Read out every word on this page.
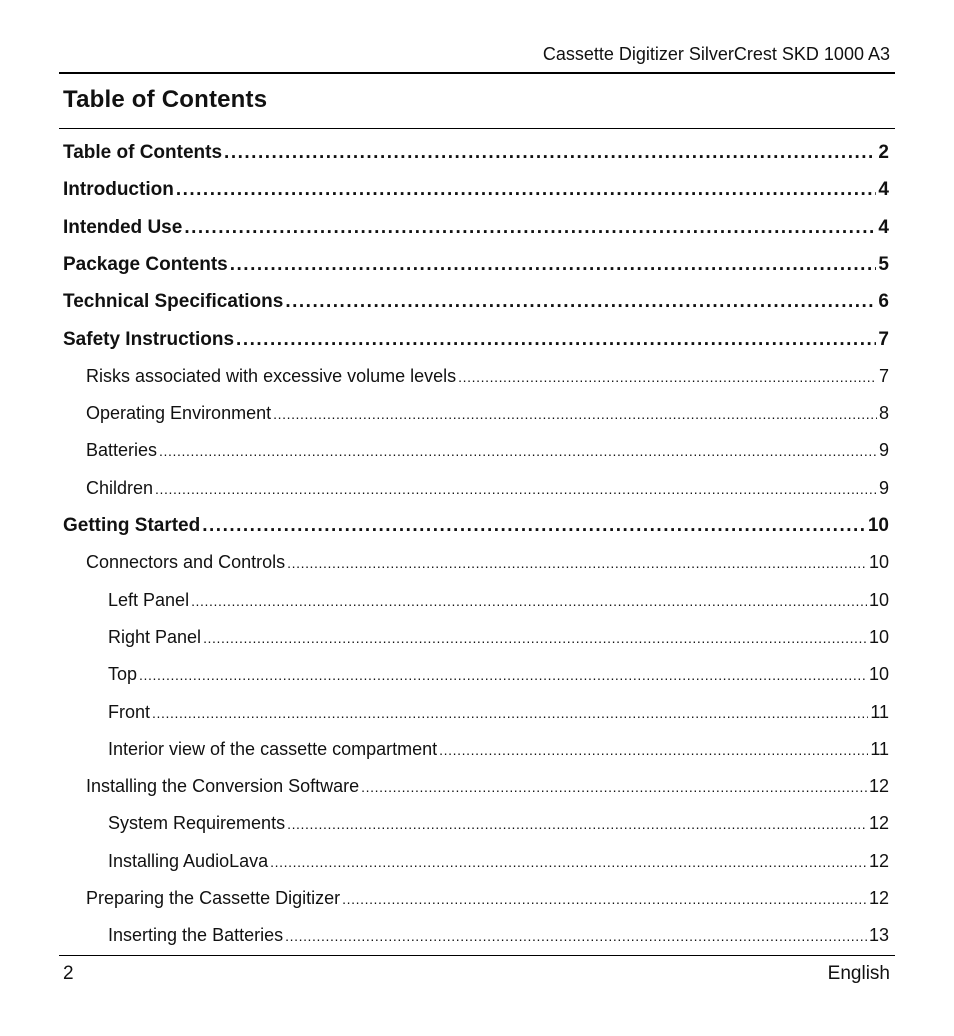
Cassette Digitizer SilverCrest SKD 1000 A3
Table of Contents
Table of Contents .....	2
Introduction .....	4
Intended Use .....	4
Package Contents .....	5
Technical Specifications .....	6
Safety Instructions .....	7
Risks associated with excessive volume levels .....	7
Operating Environment .....	8
Batteries .....	9
Children .....	9
Getting Started .....	10
Connectors and Controls .....	10
Left Panel .....	10
Right Panel .....	10
Top .....	10
Front .....	11
Interior view of the cassette compartment .....	11
Installing the Conversion Software .....	12
System Requirements .....	12
Installing AudioLava .....	12
Preparing the Cassette Digitizer .....	12
Inserting the Batteries .....	13
2	English
